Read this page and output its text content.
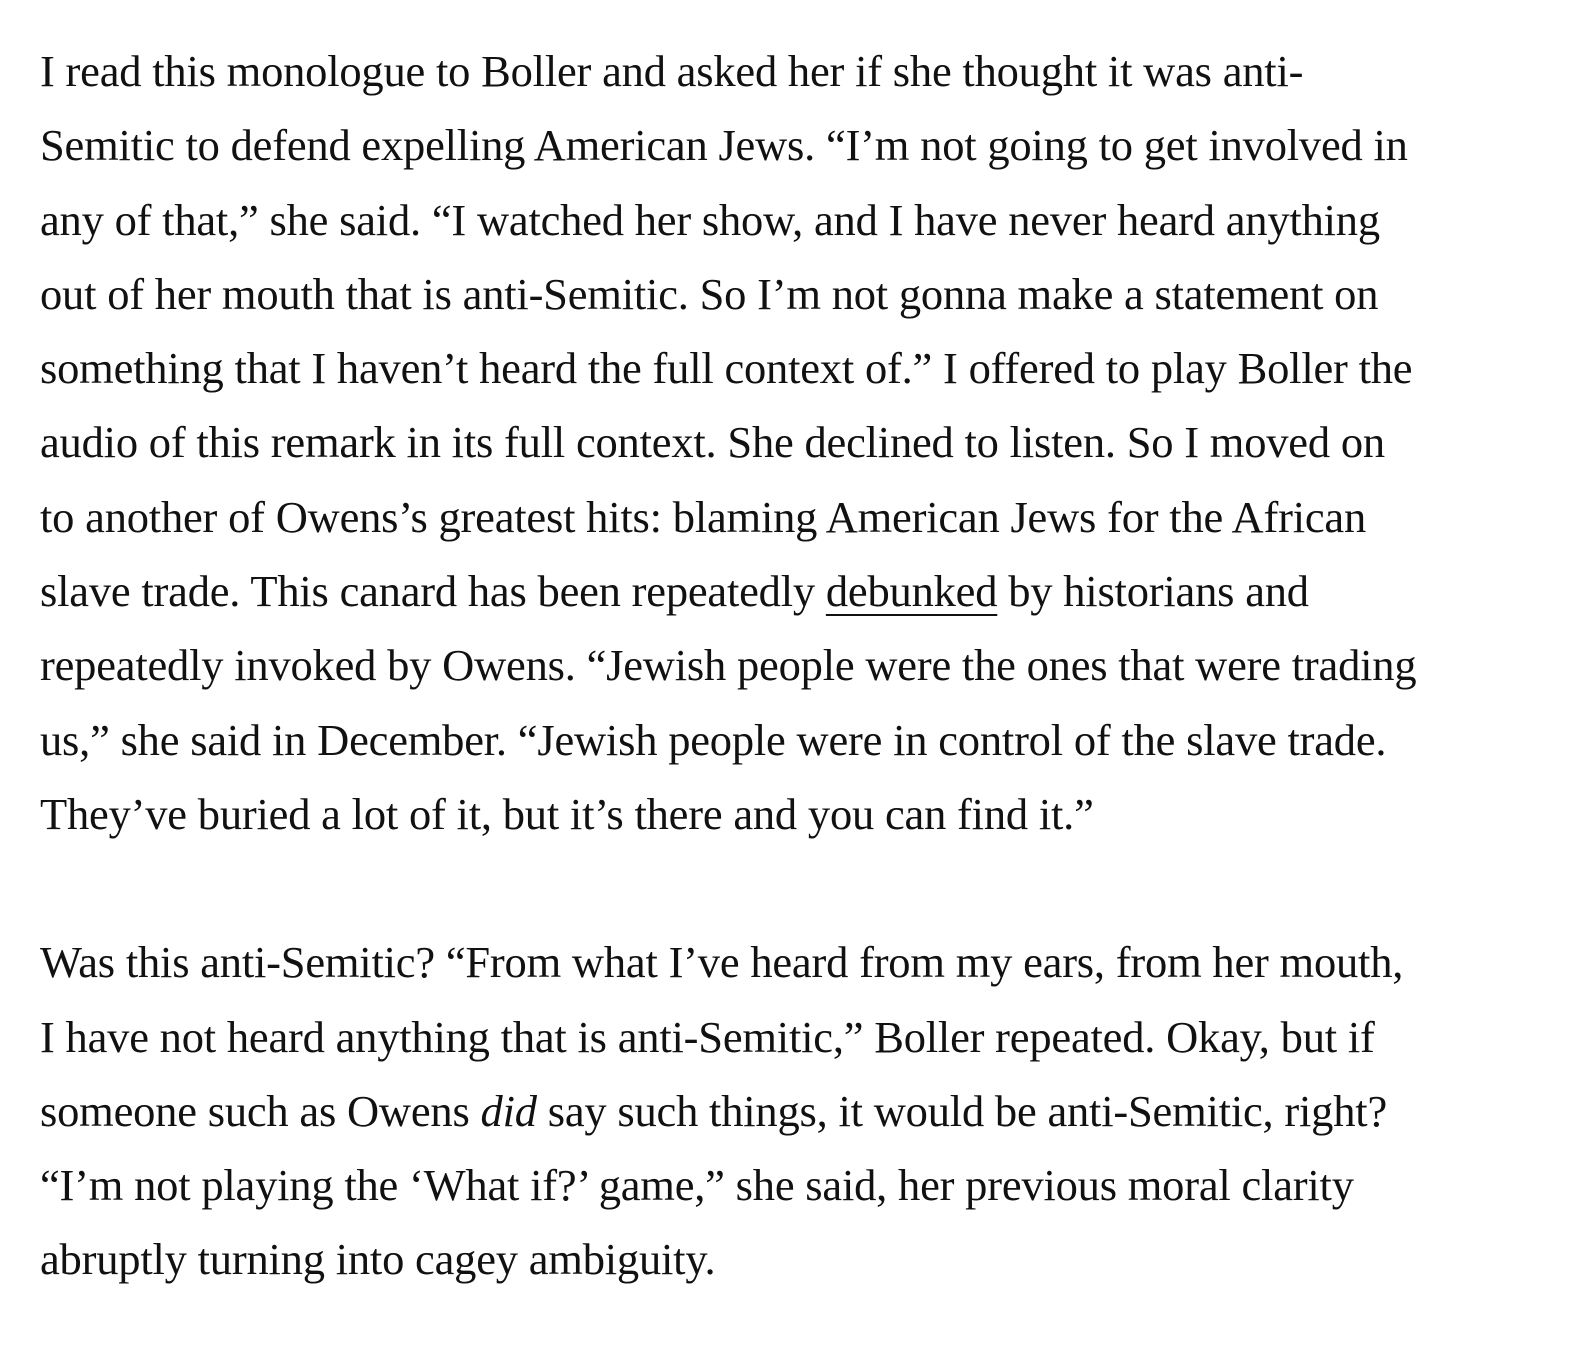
I read this monologue to Boller and asked her if she thought it was anti-
Semitic to defend expelling American Jews. “I’m not going to get involved in
any of that,” she said. “I watched her show, and I have never heard anything
out of her mouth that is anti-Semitic. So I’m not gonna make a statement on
something that I haven’t heard the full context of.” I offered to play Boller the
audio of this remark in its full context. She declined to listen. So I moved on
to another of Owens’s greatest hits: blaming American Jews for the African
slave trade. This canard has been repeatedly debunked by historians and
repeatedly invoked by Owens. “Jewish people were the ones that were trading
us,” she said in December. “Jewish people were in control of the slave trade.
They’ve buried a lot of it, but it’s there and you can find it.”

Was this anti-Semitic? “From what I’ve heard from my ears, from her mouth,
I have not heard anything that is anti-Semitic,” Boller repeated. Okay, but if
someone such as Owens did say such things, it would be anti-Semitic, right?
“I’m not playing the ‘What if?’ game,” she said, her previous moral clarity
abruptly turning into cagey ambiguity.
